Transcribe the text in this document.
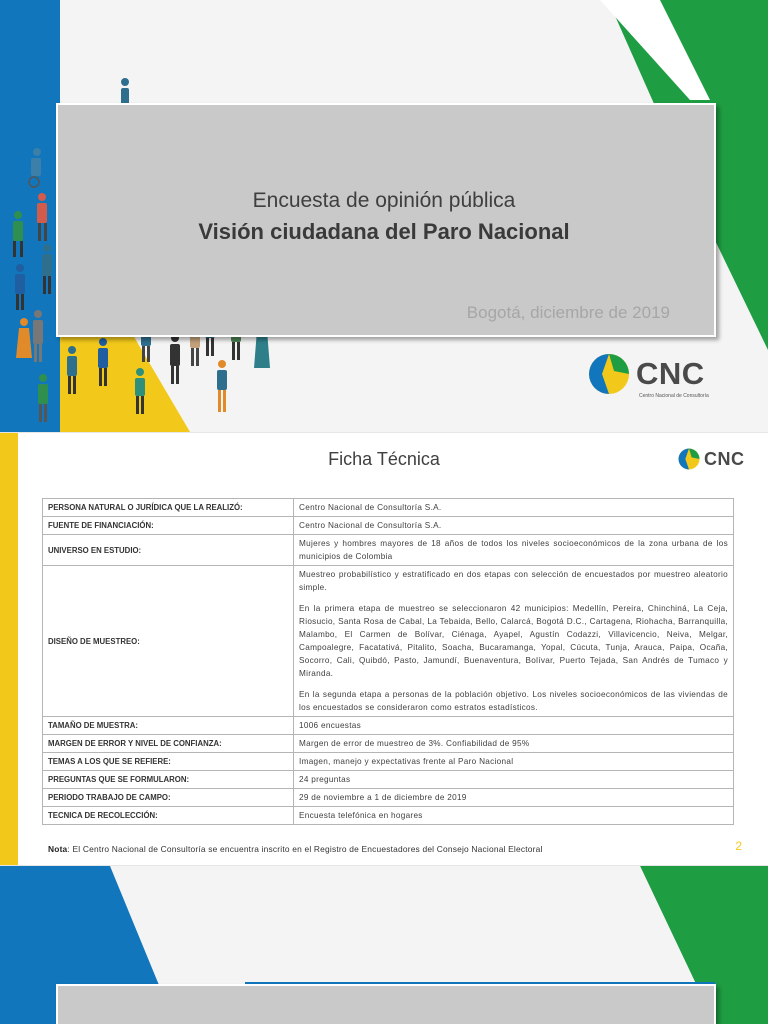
Encuesta de opinión pública
Visión ciudadana del Paro Nacional
Bogotá, diciembre de 2019
CNC
Centro Nacional de Consultoría
Ficha Técnica	CNC
PERSONA NATURAL O JURÍDICA QUE LA REALIZÓ:	Centro Nacional de Consultoría S.A.
FUENTE DE FINANCIACIÓN:	Centro Nacional de Consultoría S.A.
UNIVERSO EN ESTUDIO:	Mujeres y hombres mayores de 18 años de todos los niveles socioeconómicos de la zona urbana de los municipios de Colombia
DISEÑO DE MUESTREO:	Muestreo probabilístico y estratificado en dos etapas con selección de encuestados por muestreo aleatorio simple.

En la primera etapa de muestreo se seleccionaron 42 municipios: Medellín, Pereira, Chinchiná, La Ceja, Riosucio, Santa Rosa de Cabal, La Tebaida, Bello, Calarcá, Bogotá D.C., Cartagena, Riohacha, Barranquilla, Malambo, El Carmen de Bolívar, Ciénaga, Ayapel, Agustín Codazzi, Villavicencio, Neiva, Melgar, Campoalegre, Facatativá, Pitalito, Soacha, Bucaramanga, Yopal, Cúcuta, Tunja, Arauca, Paipa, Ocaña, Socorro, Cali, Quibdó, Pasto, Jamundí, Buenaventura, Bolívar, Puerto Tejada, San Andrés de Tumaco y Miranda.

En la segunda etapa a personas de la población objetivo. Los niveles socioeconómicos de las viviendas de los encuestados se consideraron como estratos estadísticos.

TAMAÑO DE MUESTRA:	1006 encuestas
MARGEN DE ERROR Y NIVEL DE CONFIANZA:	Margen de error de muestreo de 3%. Confiabilidad de 95%
TEMAS A LOS QUE SE REFIERE:	Imagen, manejo y expectativas frente al Paro Nacional
PREGUNTAS QUE SE FORMULARON:	24 preguntas
PERIODO TRABAJO DE CAMPO:	29 de noviembre a 1 de diciembre de 2019
TECNICA DE RECOLECCIÓN:	Encuesta telefónica en hogares
Nota: El Centro Nacional de Consultoría se encuentra inscrito en el Registro de Encuestadores del Consejo Nacional Electoral	2
